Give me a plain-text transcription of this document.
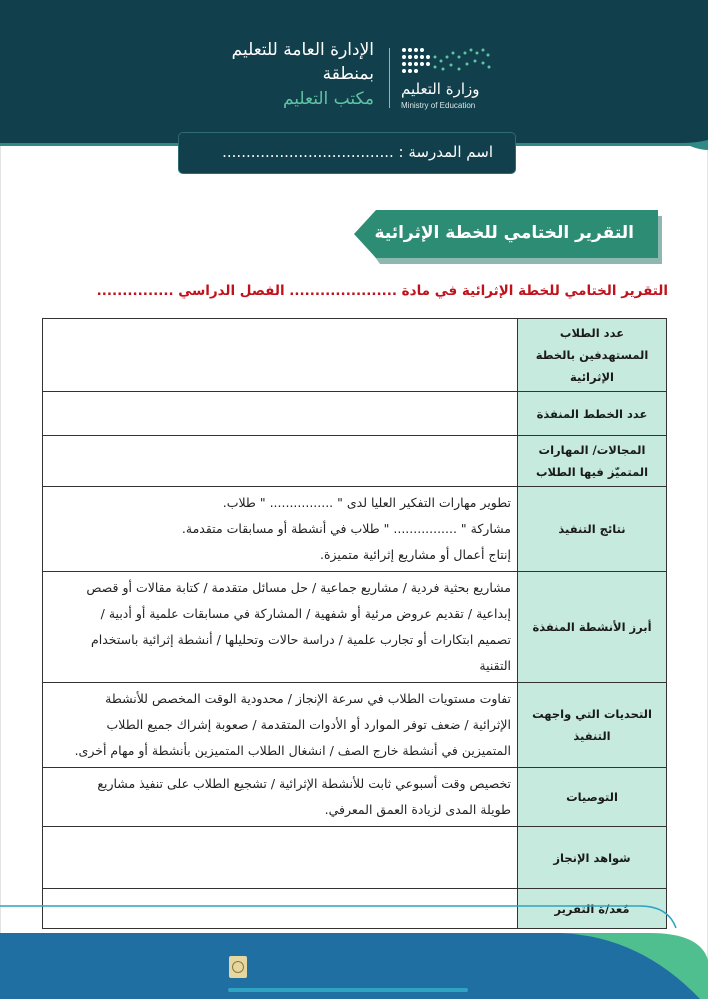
وزارة التعليم
Ministry of Education
الإدارة العامة للتعليم
بمنطقة
مكتب التعليم
اسم المدرسة : ....................................
التقرير الختامي للخطة الإثرائية
التقرير الختامي للخطة الإثرائية في مادة ..................... الفصل الدراسي ...............
عدد الطلاب المستهدفين بالخطة الإثرائية	
عدد الخطط المنفذة	
المجالات/ المهارات المتميّز فيها الطلاب	
نتائج التنفيذ	تطوير مهارات التفكير العليا لدى " ................ " طلاب.
مشاركة " ................ " طلاب في أنشطة أو مسابقات متقدمة.
إنتاج أعمال أو مشاريع إثرائية متميزة.

أبرز الأنشطة المنفذة	مشاريع بحثية فردية / مشاريع جماعية / حل مسائل متقدمة / كتابة مقالات أو قصص
إبداعية / تقديم عروض مرئية أو شفهية / المشاركة في مسابقات علمية أو أدبية /
تصميم ابتكارات أو تجارب علمية / دراسة حالات وتحليلها / أنشطة إثرائية باستخدام
التقنية

التحديات التي واجهت التنفيذ	تفاوت مستويات الطلاب في سرعة الإنجاز / محدودية الوقت المخصص للأنشطة
الإثرائية / ضعف توفر الموارد أو الأدوات المتقدمة / صعوبة إشراك جميع الطلاب
المتميزين في أنشطة خارج الصف / انشغال الطلاب المتميزين بأنشطة أو مهام أخرى.

التوصيات	تخصيص وقت أسبوعي ثابت للأنشطة الإثرائية / تشجيع الطلاب على تنفيذ مشاريع
طويلة المدى لزيادة العمق المعرفي.

شواهد الإنجاز	
مُعد/ة التقرير	
